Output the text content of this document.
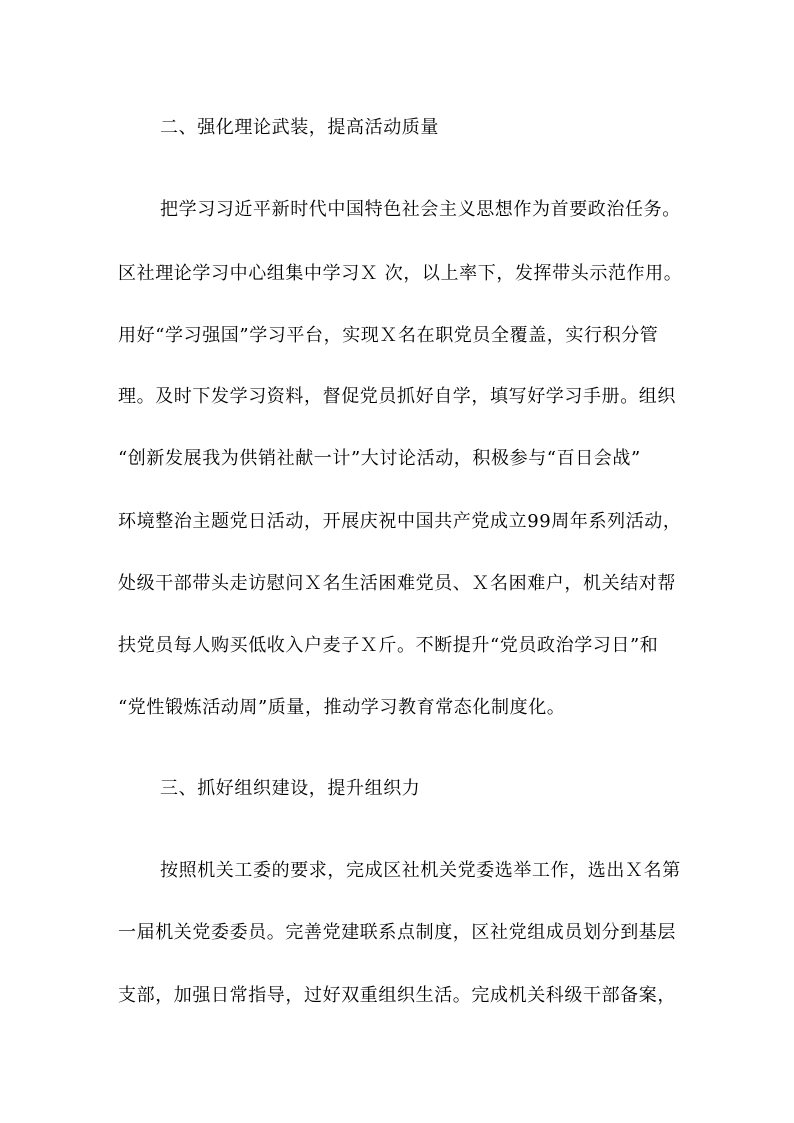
二、强化理论武装，提高活动质量
把学习习近平新时代中国特色社会主义思想作为首要政治任务。
区社理论学习中心组集中学习Ｘ 次，以上率下，发挥带头示范作用。
用好“学习强国”学习平台，实现Ｘ名在职党员全覆盖，实行积分管
理。及时下发学习资料，督促党员抓好自学，填写好学习手册。组织
“创新发展我为供销社献一计”大讨论活动，积极参与“百日会战”
环境整治主题党日活动，开展庆祝中国共产党成立99周年系列活动，
处级干部带头走访慰问Ｘ名生活困难党员、Ｘ名困难户，机关结对帮
扶党员每人购买低收入户麦子Ｘ斤。不断提升“党员政治学习日”和
“党性锻炼活动周”质量，推动学习教育常态化制度化。
三、抓好组织建设，提升组织力
按照机关工委的要求，完成区社机关党委选举工作，选出Ｘ名第
一届机关党委委员。完善党建联系点制度，区社党组成员划分到基层
支部，加强日常指导，过好双重组织生活。完成机关科级干部备案，
